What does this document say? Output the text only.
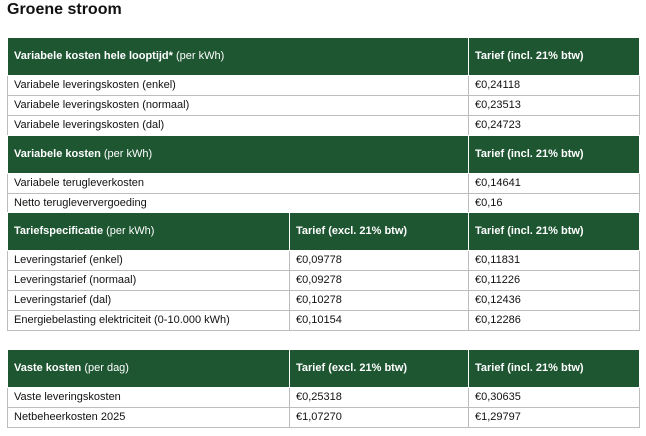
Groene stroom
Variabele kosten hele looptijd* (per kWh)	Tarief (incl. 21% btw)
Variabele leveringskosten (enkel)	€0,24118
Variabele leveringskosten (normaal)	€0,23513
Variabele leveringskosten (dal)	€0,24723
Variabele kosten (per kWh)	Tarief (incl. 21% btw)
Variabele terugleverkosten	€0,14641
Netto terugleververgoeding	€0,16
Tariefspecificatie (per kWh)	Tarief (excl. 21% btw)	Tarief (incl. 21% btw)
Leveringstarief (enkel)	€0,09778	€0,11831
Leveringstarief (normaal)	€0,09278	€0,11226
Leveringstarief (dal)	€0,10278	€0,12436
Energiebelasting elektriciteit (0-10.000 kWh)	€0,10154	€0,12286
Vaste kosten (per dag)	Tarief (excl. 21% btw)	Tarief (incl. 21% btw)
Vaste leveringskosten	€0,25318	€0,30635
Netbeheerkosten 2025	€1,07270	€1,29797
